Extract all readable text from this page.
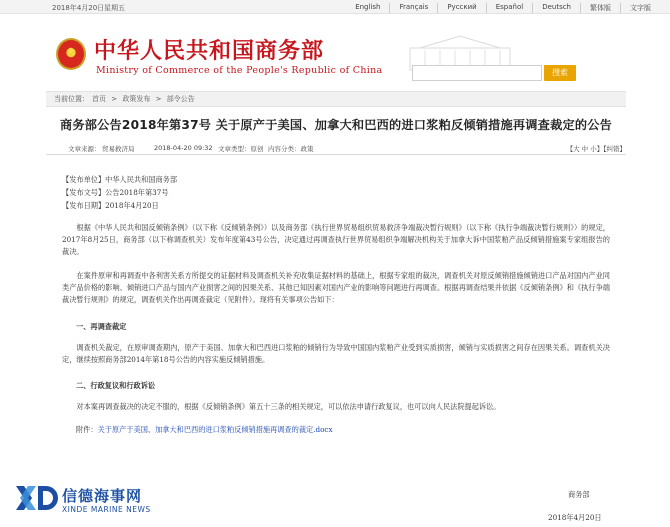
2018年4月20日 星期五	English	Français	Русский	Español	Deutsch	繁体版	文字版
★
中华人民共和国商务部
Ministry of Commerce of the People's Republic of China	搜索
当前位置： 首页 > 政策发布 > 部令公告
商务部公告2018年第37号 关于原产于美国、加拿大和巴西的进口浆粕反倾销措施再调查裁定的公告
文章来源： 贸易救济局	2018-04-20 09:32 文章类型：原创 内容分类：政策	【大 中 小】【纠错】
【发布单位】中华人民共和国商务部
【发布文号】公告2018年第37号
【发布日期】2018年4月20日
根据《中华人民共和国反倾销条例》（以下称《反倾销条例》）以及商务部《执行世界贸易组织贸易救济争端裁决暂行规则》（以下称《执行争端裁决暂行规则》）的规定，2017年8月25日，商务部（以下称调查机关）发布年度第43号公告，决定通过再调查执行世界贸易组织争端解决机构关于加拿大诉中国浆粕产品反倾销措施案专家组报告的裁决。
在案件原审和再调查中各利害关系方所提交的证据材料及调查机关补充收集证据材料的基础上，根据专家组的裁决，调查机关对原反倾销措施倾销进口产品对国内产业同类产品价格的影响、倾销进口产品与国内产业损害之间的因果关系、其他已知因素对国内产业的影响等问题进行再调查。根据再调查结果并依据《反倾销条例》和《执行争端裁决暂行规则》的规定，调查机关作出再调查裁定（见附件）。现将有关事项公告如下：
一、再调查裁定
调查机关裁定，在原审调查期内，原产于美国、加拿大和巴西进口浆粕的倾销行为导致中国国内浆粕产业受到实质损害，倾销与实质损害之间存在因果关系。调查机关决定，继续按照商务部2014年第18号公告的内容实施反倾销措施。
二、行政复议和行政诉讼
对本案再调查裁决的决定不服的，根据《反倾销条例》第五十三条的相关规定，可以依法申请行政复议，也可以向人民法院提起诉讼。
附件：关于原产于美国、加拿大和巴西的进口浆粕反倾销措施再调查的裁定.docx
商务部
2018年4月20日
信德海事网
XINDE MARINE NEWS
